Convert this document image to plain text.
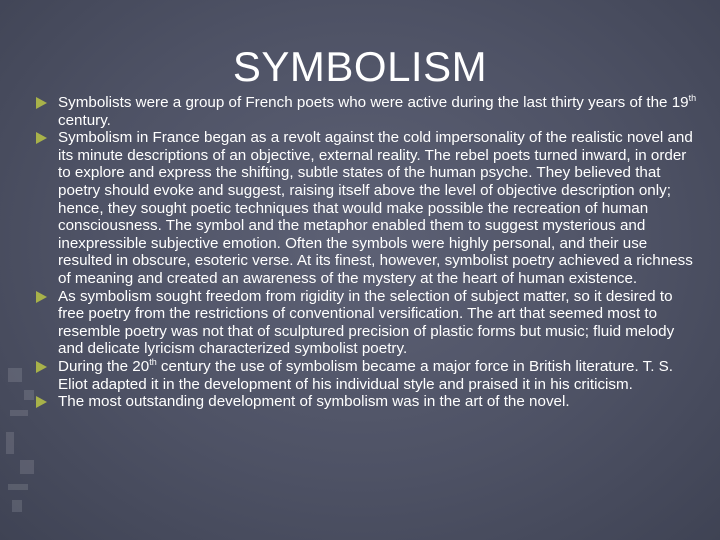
SYMBOLISM
Symbolists were a group of French poets who were active during the last thirty years of the 19th century.
Symbolism in France began as a revolt against the cold impersonality of the realistic novel and its minute descriptions of an objective, external reality. The rebel poets turned inward, in order to explore and express the shifting, subtle states of the human psyche. They believed that poetry should evoke and suggest, raising itself above the level of objective description only; hence, they sought poetic techniques that would make possible the recreation of human consciousness. The symbol and the metaphor enabled them to suggest mysterious and inexpressible subjective emotion. Often the symbols were highly personal, and their use resulted in obscure, esoteric verse. At its finest, however, symbolist poetry achieved a richness of meaning and created an awareness of the mystery at the heart of human existence.
As symbolism sought freedom from rigidity in the selection of subject matter, so it desired to free poetry from the restrictions of conventional versification. The art that seemed most to resemble poetry was not that of sculptured precision of plastic forms but music; fluid melody and delicate lyricism characterized symbolist poetry.
During the 20th century the use of symbolism became a major force in British literature. T. S. Eliot adapted it in the development of his individual style and praised it in his criticism.
The most outstanding development of symbolism was in the art of the novel.
